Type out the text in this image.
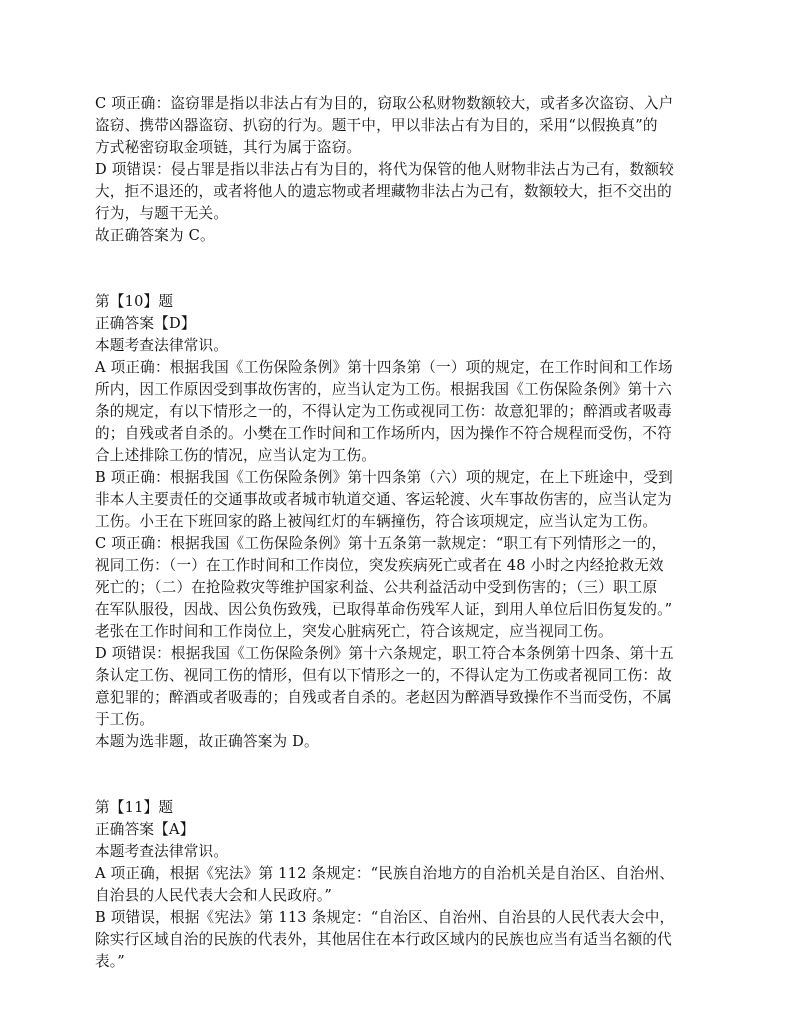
C 项正确：盗窃罪是指以非法占有为目的，窃取公私财物数额较大，或者多次盗窃、入户
盗窃、携带凶器盗窃、扒窃的行为。题干中，甲以非法占有为目的，采用“以假换真”的
方式秘密窃取金项链，其行为属于盗窃。
D 项错误：侵占罪是指以非法占有为目的，将代为保管的他人财物非法占为己有，数额较
大，拒不退还的，或者将他人的遗忘物或者埋藏物非法占为己有，数额较大，拒不交出的
行为，与题干无关。
故正确答案为 C。
第【10】题
正确答案【D】
本题考查法律常识。
A 项正确：根据我国《工伤保险条例》第十四条第（一）项的规定，在工作时间和工作场
所内，因工作原因受到事故伤害的，应当认定为工伤。根据我国《工伤保险条例》第十六
条的规定，有以下情形之一的，不得认定为工伤或视同工伤：故意犯罪的；醉酒或者吸毒
的；自残或者自杀的。小樊在工作时间和工作场所内，因为操作不符合规程而受伤，不符
合上述排除工伤的情况，应当认定为工伤。
B 项正确：根据我国《工伤保险条例》第十四条第（六）项的规定，在上下班途中，受到
非本人主要责任的交通事故或者城市轨道交通、客运轮渡、火车事故伤害的，应当认定为
工伤。小王在下班回家的路上被闯红灯的车辆撞伤，符合该项规定，应当认定为工伤。
C 项正确：根据我国《工伤保险条例》第十五条第一款规定：“职工有下列情形之一的，
视同工伤：（一）在工作时间和工作岗位，突发疾病死亡或者在 48 小时之内经抢救无效
死亡的；（二）在抢险救灾等维护国家利益、公共利益活动中受到伤害的；（三）职工原
在军队服役，因战、因公负伤致残，已取得革命伤残军人证，到用人单位后旧伤复发的。”
老张在工作时间和工作岗位上，突发心脏病死亡，符合该规定，应当视同工伤。
D 项错误：根据我国《工伤保险条例》第十六条规定，职工符合本条例第十四条、第十五
条认定工伤、视同工伤的情形，但有以下情形之一的，不得认定为工伤或者视同工伤：故
意犯罪的；醉酒或者吸毒的；自残或者自杀的。老赵因为醉酒导致操作不当而受伤，不属
于工伤。
本题为选非题，故正确答案为 D。
第【11】题
正确答案【A】
本题考查法律常识。
A 项正确，根据《宪法》第 112 条规定：“民族自治地方的自治机关是自治区、自治州、
自治县的人民代表大会和人民政府。”
B 项错误，根据《宪法》第 113 条规定：“自治区、自治州、自治县的人民代表大会中，
除实行区域自治的民族的代表外，其他居住在本行政区域内的民族也应当有适当名额的代
表。”
